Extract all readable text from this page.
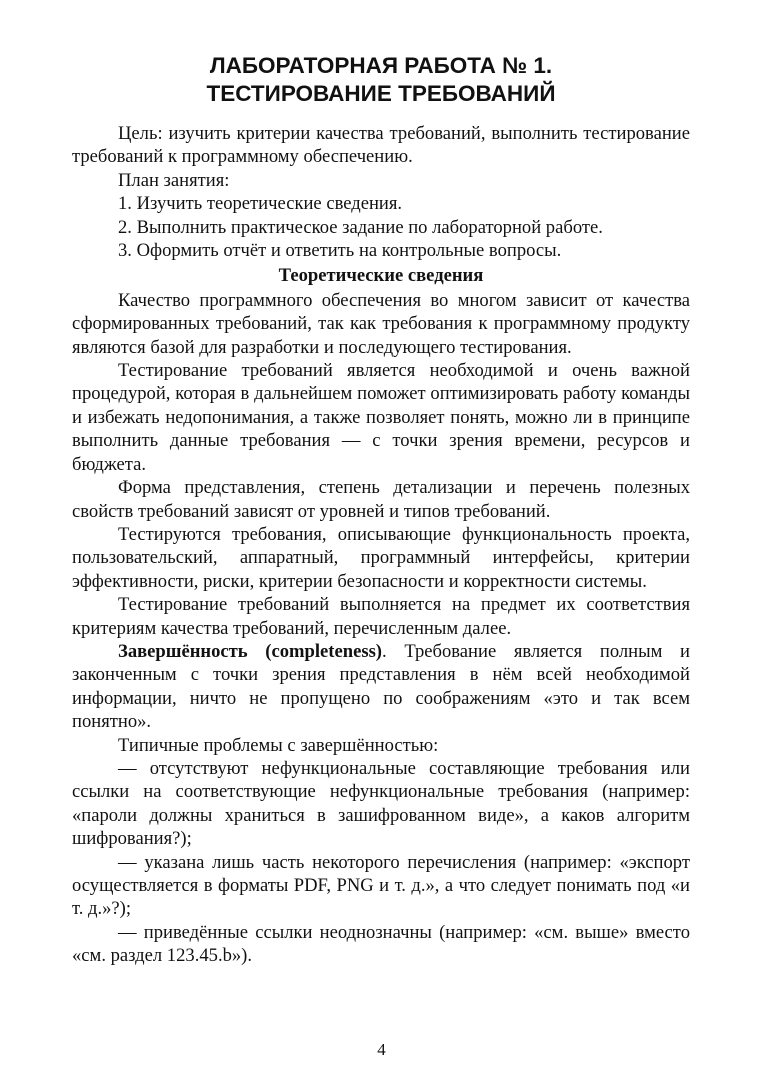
ЛАБОРАТОРНАЯ РАБОТА № 1.
ТЕСТИРОВАНИЕ ТРЕБОВАНИЙ

Цель: изучить критерии качества требований, выполнить тестирование требований к программному обеспечению.

План занятия:

1. Изучить теоретические сведения.

2. Выполнить практическое задание по лабораторной работе.

3. Оформить отчёт и ответить на контрольные вопросы.

Теоретические сведения

Качество программного обеспечения во многом зависит от качества сформированных требований, так как требования к программному продукту являются базой для разработки и последующего тестирования.

Тестирование требований является необходимой и очень важной процедурой, которая в дальнейшем поможет оптимизировать работу команды и избежать недопонимания, а также позволяет понять, можно ли в принципе выполнить данные требования — с точки зрения времени, ресурсов и бюджета.

Форма представления, степень детализации и перечень полезных свойств требований зависят от уровней и типов требований.

Тестируются требования, описывающие функциональность проекта, пользовательский, аппаратный, программный интерфейсы, критерии эффективности, риски, критерии безопасности и корректности системы.

Тестирование требований выполняется на предмет их соответствия критериям качества требований, перечисленным далее.

Завершённость (completeness). Требование является полным и законченным с точки зрения представления в нём всей необходимой информации, ничто не пропущено по соображениям «это и так всем понятно».

Типичные проблемы с завершённостью:

— отсутствуют нефункциональные составляющие требования или ссылки на соответствующие нефункциональные требования (например: «пароли должны храниться в зашифрованном виде», а каков алгоритм шифрования?);

— указана лишь часть некоторого перечисления (например: «экспорт осуществляется в форматы PDF, PNG и т. д.», а что следует понимать под «и т. д.»?);

— приведённые ссылки неоднозначны (например: «см. выше» вместо «см. раздел 123.45.b»).

4
